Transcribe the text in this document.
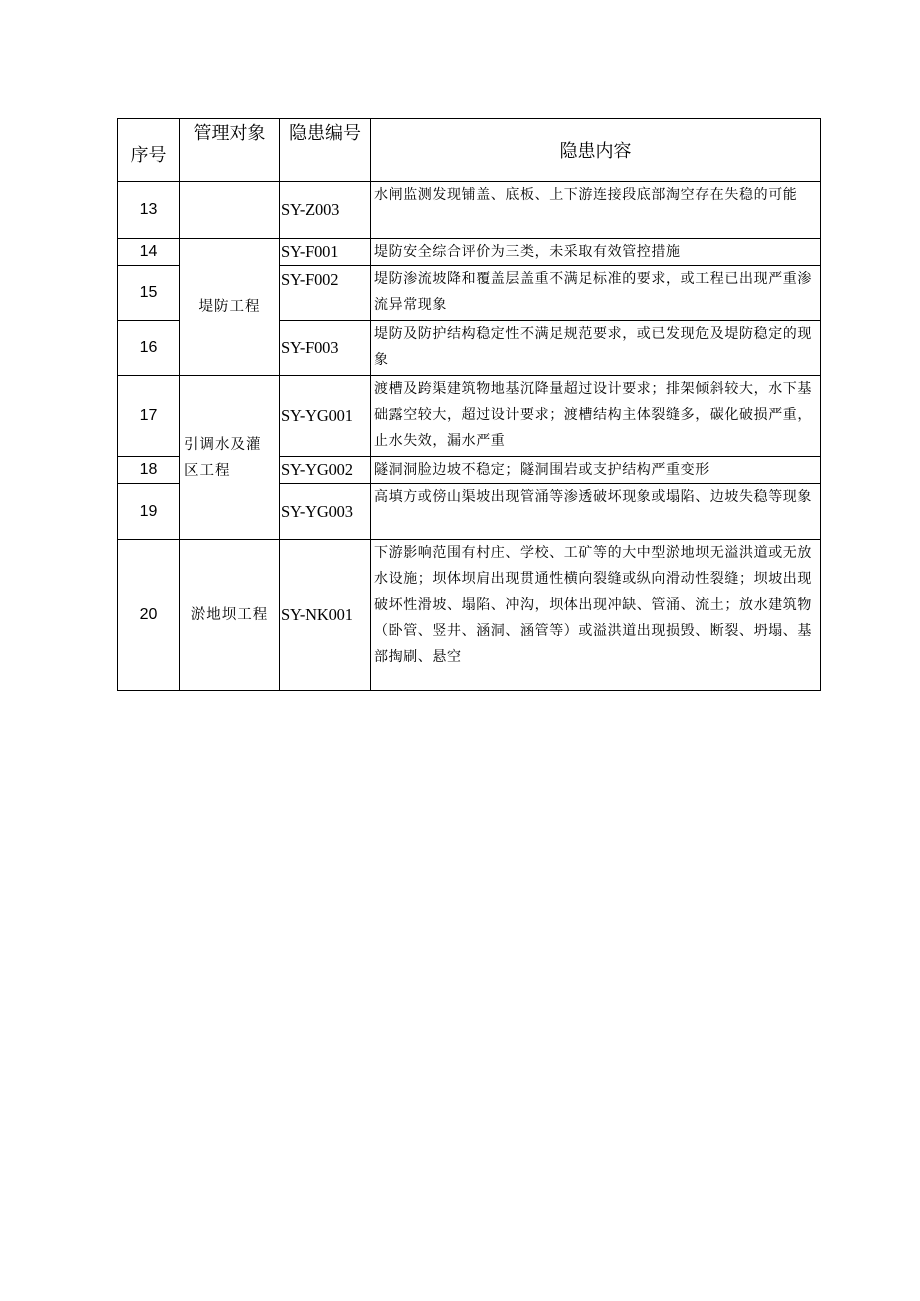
序号	管理对象	隐患编号	隐患内容
13		SY-Z003	水闸监测发现铺盖、底板、上下游连接段底部淘空存在失稳的可能
14	堤防工程	SY-F001	堤防安全综合评价为三类，未采取有效管控措施
15		SY-F002	堤防渗流坡降和覆盖层盖重不满足标准的要求，或工程已出现严重渗流异常现象
16		SY-F003	堤防及防护结构稳定性不满足规范要求，或已发现危及堤防稳定的现象
17	引调水及灌区工程	SY-YG001	渡槽及跨渠建筑物地基沉降量超过设计要求；排架倾斜较大，水下基础露空较大，超过设计要求；渡槽结构主体裂缝多，碳化破损严重，止水失效，漏水严重
18		SY-YG002	隧洞洞脸边坡不稳定；隧洞围岩或支护结构严重变形
19		SY-YG003	高填方或傍山渠坡出现管涌等渗透破坏现象或塌陷、边坡失稳等现象
20	淤地坝工程	SY-NK001	下游影响范围有村庄、学校、工矿等的大中型淤地坝无溢洪道或无放水设施；坝体坝肩出现贯通性横向裂缝或纵向滑动性裂缝；坝坡出现破坏性滑坡、塌陷、冲沟，坝体出现冲缺、管涌、流土；放水建筑物（卧管、竖井、涵洞、涵管等）或溢洪道出现损毁、断裂、坍塌、基部掏刷、悬空
